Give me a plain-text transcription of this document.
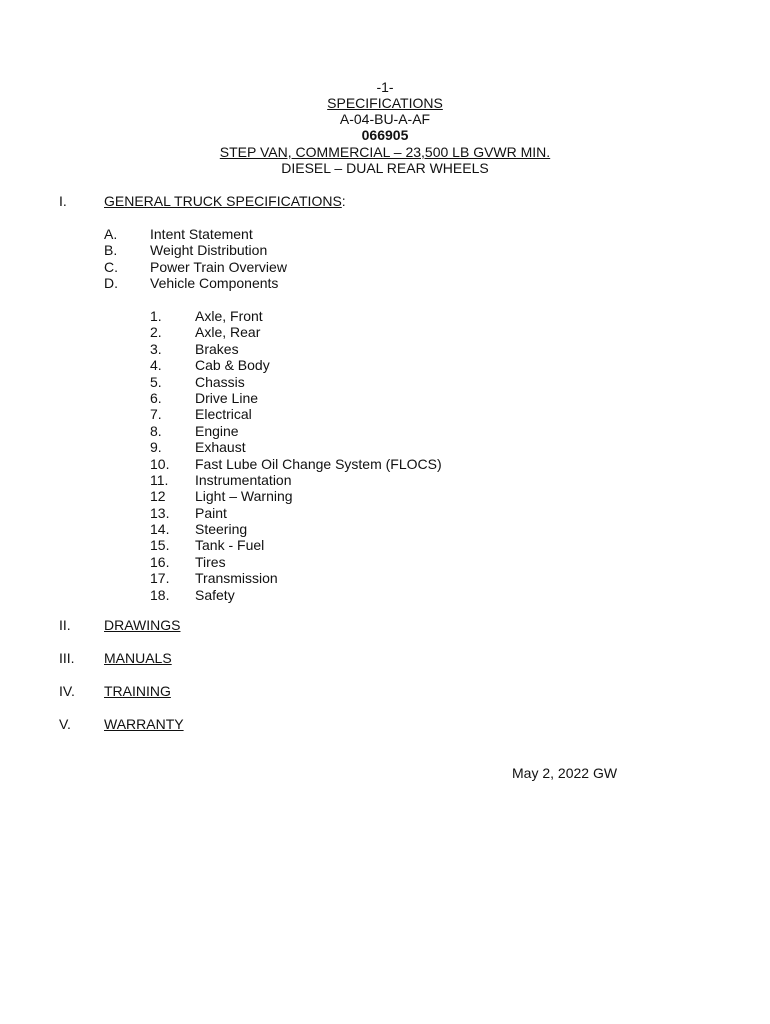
-1-
SPECIFICATIONS
A-04-BU-A-AF
066905
STEP VAN, COMMERCIAL – 23,500 LB GVWR MIN.
DIESEL – DUAL REAR WHEELS
I.	GENERAL TRUCK SPECIFICATIONS:
A. Intent Statement
B. Weight Distribution
C. Power Train Overview
D. Vehicle Components
1. Axle, Front
2. Axle, Rear
3. Brakes
4. Cab & Body
5. Chassis
6. Drive Line
7. Electrical
8. Engine
9. Exhaust
10. Fast Lube Oil Change System (FLOCS)
11. Instrumentation
12 Light – Warning
13. Paint
14. Steering
15. Tank - Fuel
16. Tires
17. Transmission
18. Safety
II. DRAWINGS
III. MANUALS
IV. TRAINING
V. WARRANTY
May 2, 2022 GW
